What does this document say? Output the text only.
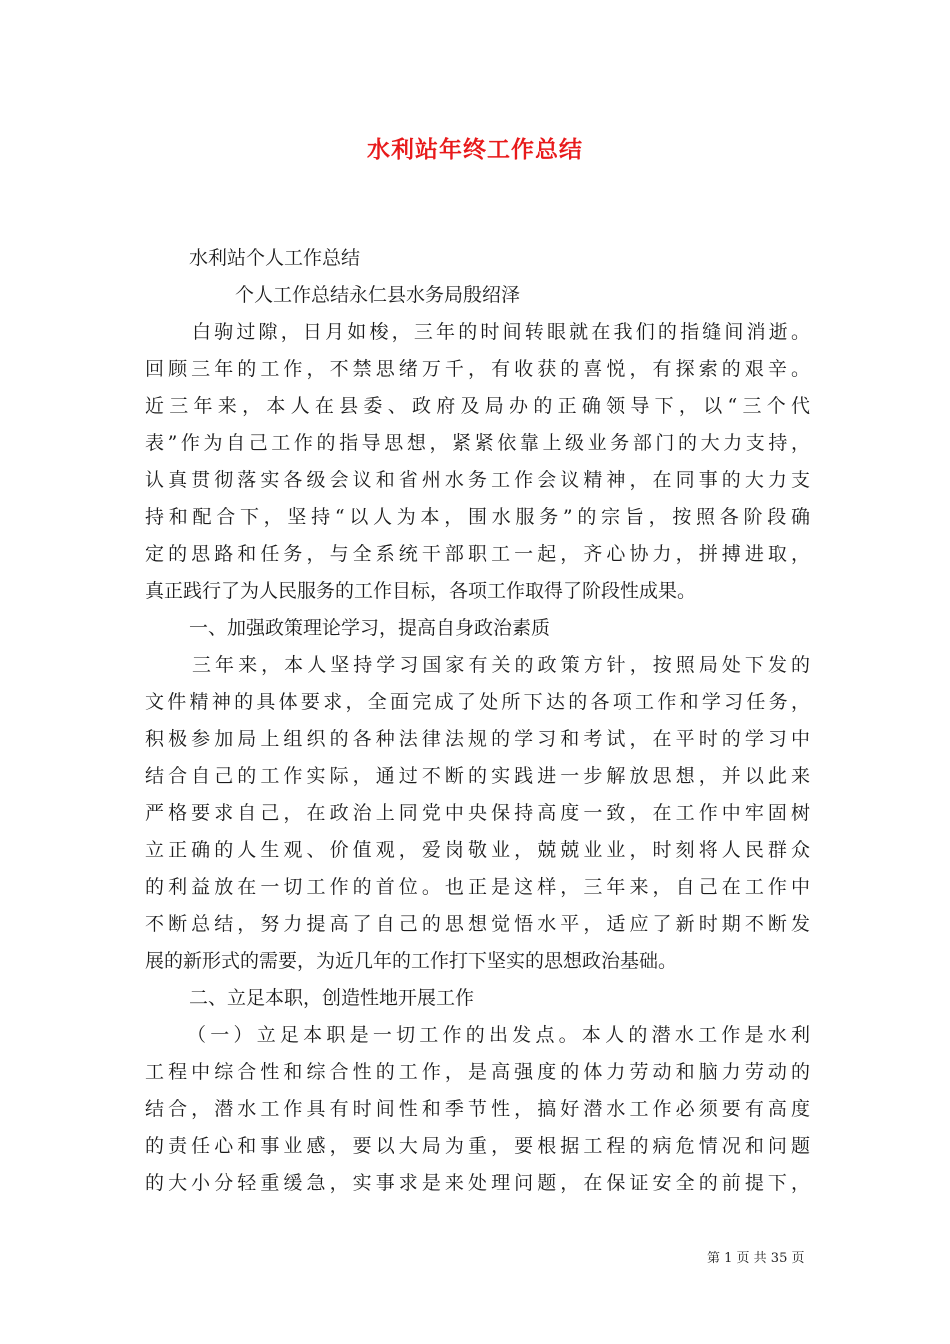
水利站年终工作总结
水利站个人工作总结
个人工作总结永仁县水务局殷绍泽
白驹过隙，日月如梭，三年的时间转眼就在我们的指缝间消逝。
回顾三年的工作，不禁思绪万千，有收获的喜悦，有探索的艰辛。
近三年来，本人在县委、政府及局办的正确领导下，以“三个代
表”作为自己工作的指导思想，紧紧依靠上级业务部门的大力支持，
认真贯彻落实各级会议和省州水务工作会议精神，在同事的大力支
持和配合下，坚持“以人为本，围水服务”的宗旨，按照各阶段确
定的思路和任务，与全系统干部职工一起，齐心协力，拼搏进取，
真正践行了为人民服务的工作目标，各项工作取得了阶段性成果。
一、加强政策理论学习，提高自身政治素质
三年来，本人坚持学习国家有关的政策方针，按照局处下发的
文件精神的具体要求，全面完成了处所下达的各项工作和学习任务，
积极参加局上组织的各种法律法规的学习和考试，在平时的学习中
结合自己的工作实际，通过不断的实践进一步解放思想，并以此来
严格要求自己，在政治上同党中央保持高度一致，在工作中牢固树
立正确的人生观、价值观，爱岗敬业，兢兢业业，时刻将人民群众
的利益放在一切工作的首位。也正是这样，三年来，自己在工作中
不断总结，努力提高了自己的思想觉悟水平，适应了新时期不断发
展的新形式的需要，为近几年的工作打下坚实的思想政治基础。
二、立足本职，创造性地开展工作
（一）立足本职是一切工作的出发点。本人的潜水工作是水利
工程中综合性和综合性的工作，是高强度的体力劳动和脑力劳动的
结合，潜水工作具有时间性和季节性，搞好潜水工作必须要有高度
的责任心和事业感，要以大局为重，要根据工程的病危情况和问题
的大小分轻重缓急，实事求是来处理问题，在保证安全的前提下，
第 1 页 共 35 页
